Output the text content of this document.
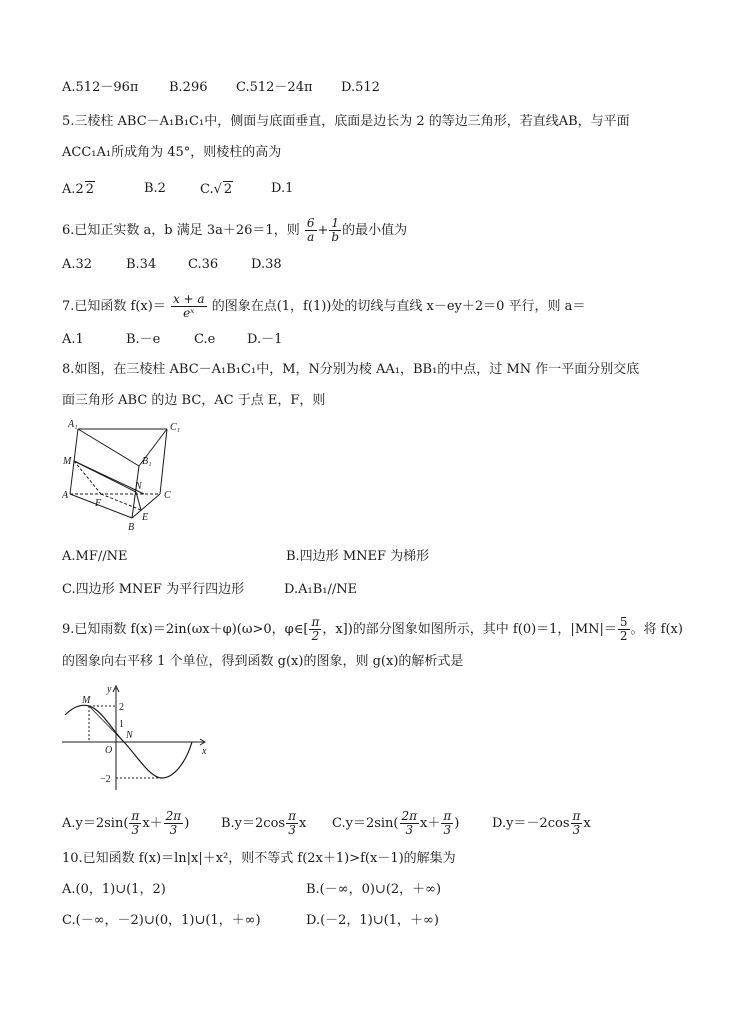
A.512－96π B.296 C.512－24π D.512
5.三棱柱 ABC－A₁B₁C₁中，侧面与底面垂直，底面是边长为 2 的等边三角形，若直线AB，与平面
ACC₁A₁所成角为 45°，则棱柱的高为
A.2 2	B.2	C.√ 2	D.1
6.已知正实数 a，b 满足 3a＋26＝1，则 $\frac{6}{a} + \frac{1}{b}$ 的最小值为
A.32	B.34 C.36	D.38
7.已知函数 $f(x)= \frac{x + a}{\text{eˣ}}$ 的图象在点(1，f(1))处的切线与直线 x－ey＋2＝0 平行，则 a＝
A.1	B.－e	C.e D.－1
8.如图，在三棱柱 ABC－A₁B₁C₁中，M，N分别为棱 AA₁，BB₁的中点，过 MN 作一平面分别交底
面三角形 ABC 的边 BC，AC 于点 E，F，则
A₁	C₁
B₁
M
N
A	C
F
E
B
A.MF//NE	B.四边形 MNEF 为梯形
C.四边形 MNEF 为平行四边形	D.A₁B₁//NE
9.已知雨数 f(x)＝2in(ωx＋φ)(ω>0，φ∈[ $\frac{\pi}{2}$ ，x])的部分图象如图所示，其中 f(0)＝1，$|MN|= \frac{5}{2}$ 。将 f(x)
的图象向右平移 1 个单位，得到函数 g(x)的图象，则 g(x)的解析式是
y
M
2
1
O
N
x
−2
$A.y=2\sin( \frac{\pi}{3} x+ \frac{2\pi}{3}$ ) $B.y=2\cos \frac{\pi}{3}$ x $C.y=2\sin( \frac{2\pi}{3} x+ \frac{\pi}{3}$ )	$D.y=-2\cos \frac{\pi}{3}$ x
10.已知函数 f(x)＝ln|x|＋x²，则不等式 f(2x＋1)>f(x－1)的解集为
A.(0，1)∪(1，2)	B.(－∞，0)∪(2，＋∞)
C.(－∞，－2)∪(0，1)∪(1，＋∞)	D.(－2，1)∪(1，＋∞)
